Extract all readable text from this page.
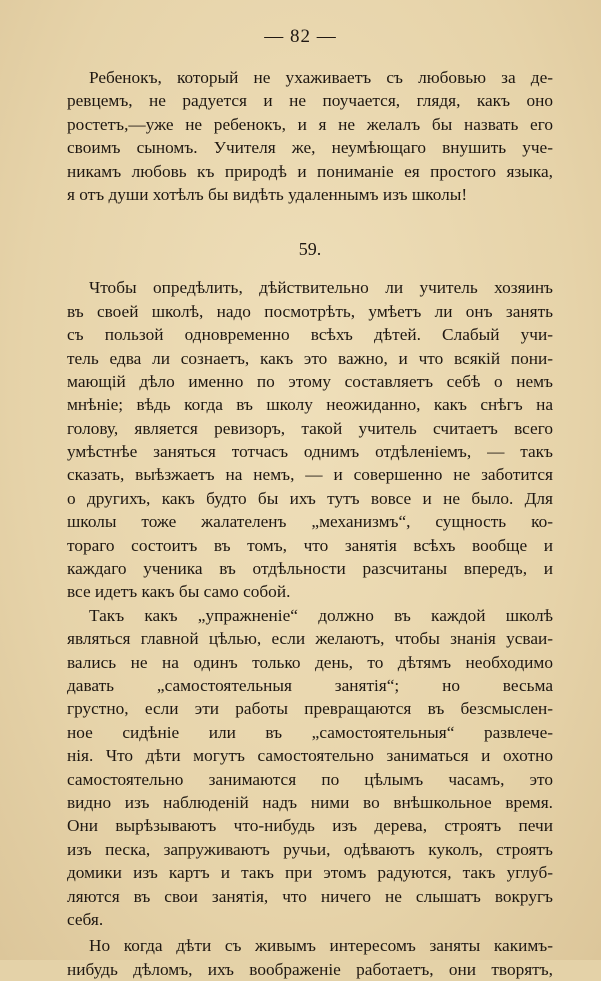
— 82 —
Ребенокъ, который не ухаживаетъ съ любовью за де-
ревцемъ, не радуется и не поучается, глядя, какъ оно
ростетъ,—уже не ребенокъ, и я не желалъ бы назвать его
своимъ сыномъ. Учителя же, неумѣющаго внушить уче-
никамъ любовь къ природѣ и пониманіе ея простого языка,
я отъ души хотѣлъ бы видѣть удаленнымъ изъ школы!
59.
Чтобы опредѣлить, дѣйствительно ли учитель хозяинъ
въ своей школѣ, надо посмотрѣть, умѣетъ ли онъ занять
съ пользой одновременно всѣхъ дѣтей. Слабый учи-
тель едва ли сознаетъ, какъ это важно, и что всякій пони-
мающій дѣло именно по этому составляетъ себѣ о немъ
мнѣніе; вѣдь когда въ школу неожиданно, какъ снѣгъ на
голову, является ревизоръ, такой учитель считаетъ всего
умѣстнѣе заняться тотчасъ однимъ отдѣленіемъ, — такъ
сказать, выѣзжаетъ на немъ, — и совершенно не заботится
о другихъ, какъ будто бы ихъ тутъ вовсе и не было. Для
школы тоже жалателенъ „механизмъ“, сущность ко-
тораго состоитъ въ томъ, что занятія всѣхъ вообще и
каждаго ученика въ отдѣльности разсчитаны впередъ, и
все идетъ какъ бы само собой.
Такъ какъ „упражненіе“ должно въ каждой школѣ
являться главной цѣлью, если желаютъ, чтобы знанія усваи-
вались не на одинъ только день, то дѣтямъ необходимо
давать „самостоятельныя занятія“; но весьма
грустно, если эти работы превращаются въ безсмыслен-
ное сидѣніе или въ „самостоятельныя“ развлече-
нія. Что дѣти могутъ самостоятельно заниматься и охотно
самостоятельно занимаются по цѣлымъ часамъ, это
видно изъ наблюденій надъ ними во внѣшкольное время.
Они вырѣзываютъ что-нибудь изъ дерева, строятъ печи
изъ песка, запруживаютъ ручьи, одѣваютъ куколъ, строятъ
домики изъ картъ и такъ при этомъ радуются, такъ углуб-
ляются въ свои занятія, что ничего не слышатъ вокругъ
себя.
Но когда дѣти съ живымъ интересомъ заняты какимъ-
нибудь дѣломъ, ихъ воображеніе работаетъ, они творятъ,
